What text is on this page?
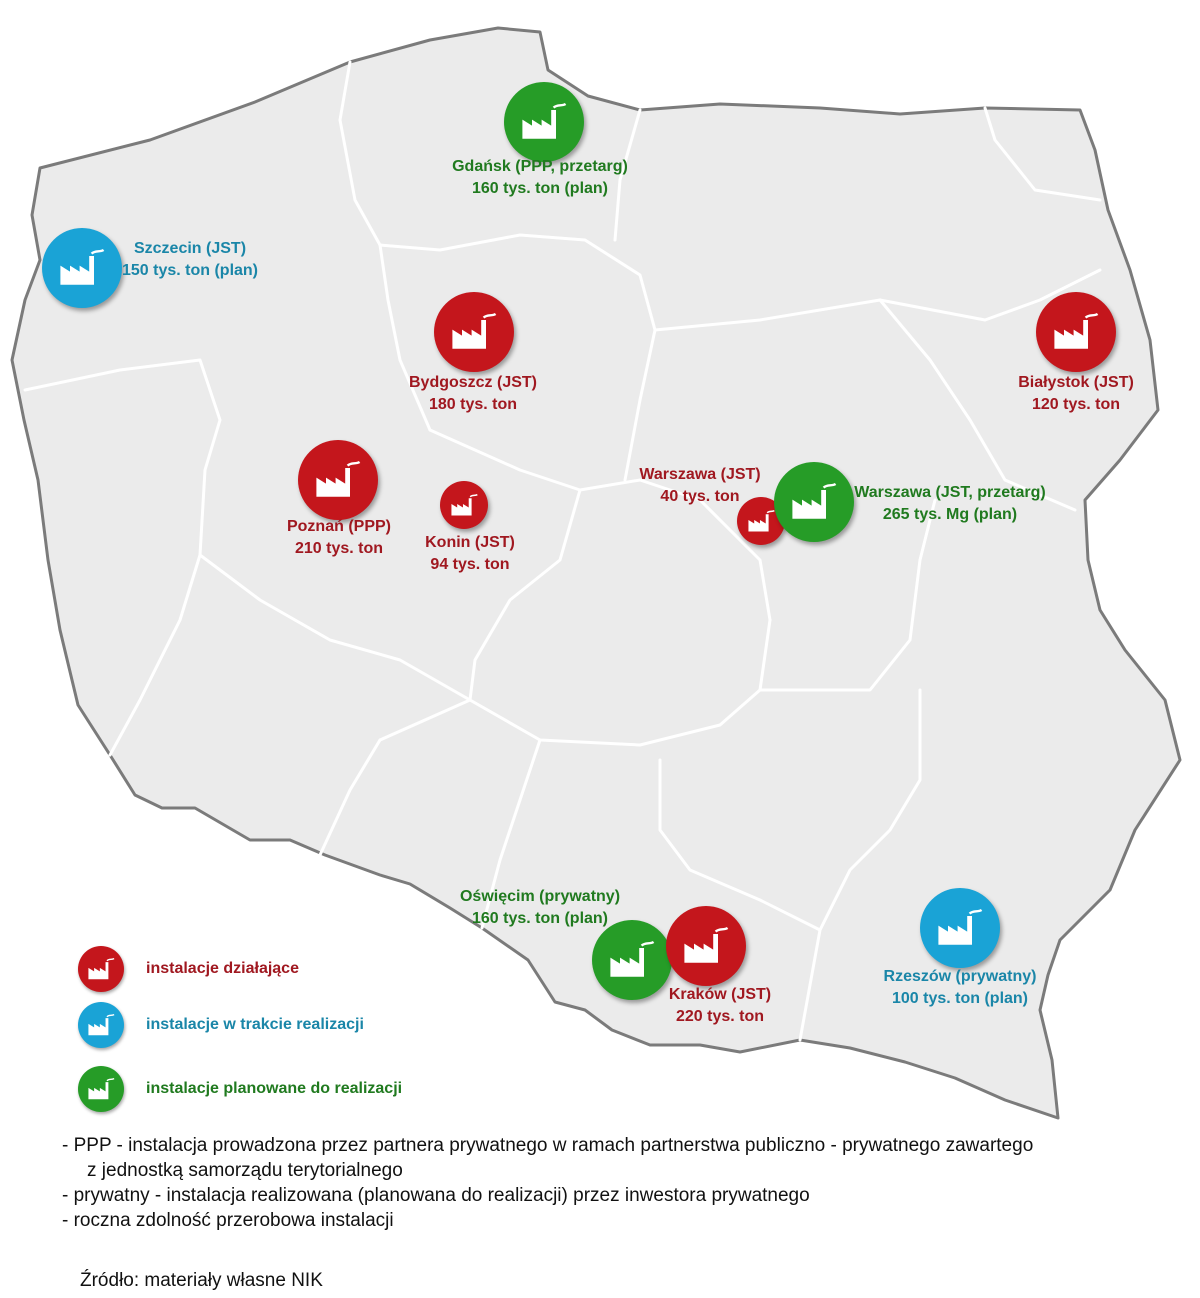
Gdańsk (PPP, przetarg)
160 tys. ton (plan)
Szczecin (JST)
150 tys. ton (plan)
Bydgoszcz (JST)
180 tys. ton
Białystok (JST)
120 tys. ton
Poznań (PPP)
210 tys. ton	Konin (JST)
94 tys. ton
Warszawa (JST)
40 tys. ton	Warszawa (JST, przetarg)
265 tys. Mg (plan)
Oświęcim (prywatny)
160 tys. ton (plan)
Kraków (JST)
220 tys. ton
Rzeszów (prywatny)
100 tys. ton (plan)
instalacje działające
instalacje w trakcie realizacji
instalacje planowane do realizacji
- PPP - instalacja prowadzona przez partnera prywatnego w ramach partnerstwa publiczno - prywatnego zawartego
z jednostką samorządu terytorialnego
- prywatny - instalacja realizowana (planowana do realizacji) przez inwestora prywatnego
- roczna zdolność przerobowa instalacji
Źródło: materiały własne NIK
